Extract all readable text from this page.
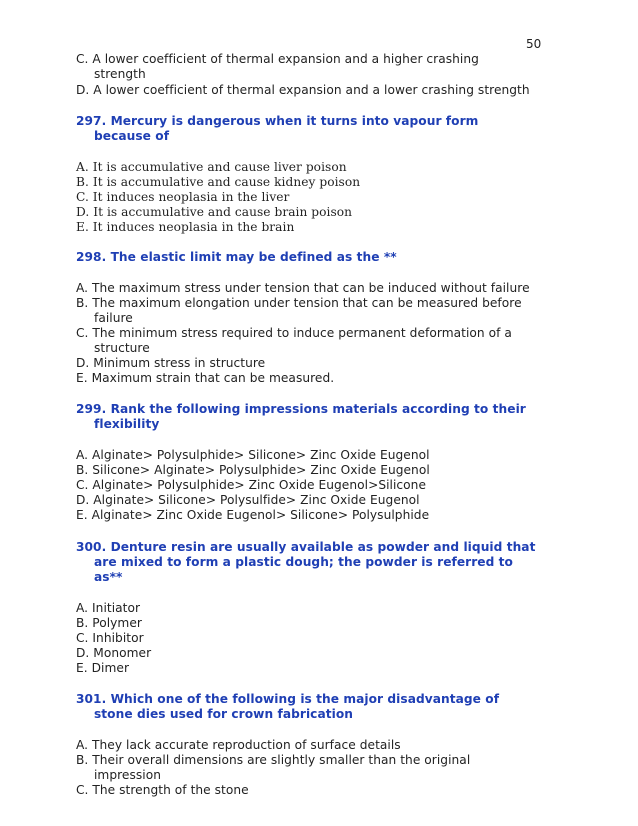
50
C. A lower coefficient of thermal expansion and a higher crashing
strength
D. A lower coefficient of thermal expansion and a lower crashing strength
297. Mercury is dangerous when it turns into vapour form
because of
A. It is accumulative and cause liver poison
B. It is accumulative and cause kidney poison
C. It induces neoplasia in the liver
D. It is accumulative and cause brain poison
E. It induces neoplasia in the brain
298. The elastic limit may be defined as the **
A. The maximum stress under tension that can be induced without failure
B. The maximum elongation under tension that can be measured before
failure
C. The minimum stress required to induce permanent deformation of a
structure
D. Minimum stress in structure
E. Maximum strain that can be measured.
299. Rank the following impressions materials according to their
flexibility
A. Alginate> Polysulphide> Silicone> Zinc Oxide Eugenol
B. Silicone> Alginate> Polysulphide> Zinc Oxide Eugenol
C. Alginate> Polysulphide> Zinc Oxide Eugenol>Silicone
D. Alginate> Silicone> Polysulfide> Zinc Oxide Eugenol
E. Alginate> Zinc Oxide Eugenol> Silicone> Polysulphide
300. Denture resin are usually available as powder and liquid that
are mixed to form a plastic dough; the powder is referred to
as**
A. Initiator
B. Polymer
C. Inhibitor
D. Monomer
E. Dimer
301. Which one of the following is the major disadvantage of
stone dies used for crown fabrication
A. They lack accurate reproduction of surface details
B. Their overall dimensions are slightly smaller than the original
impression
C. The strength of the stone
